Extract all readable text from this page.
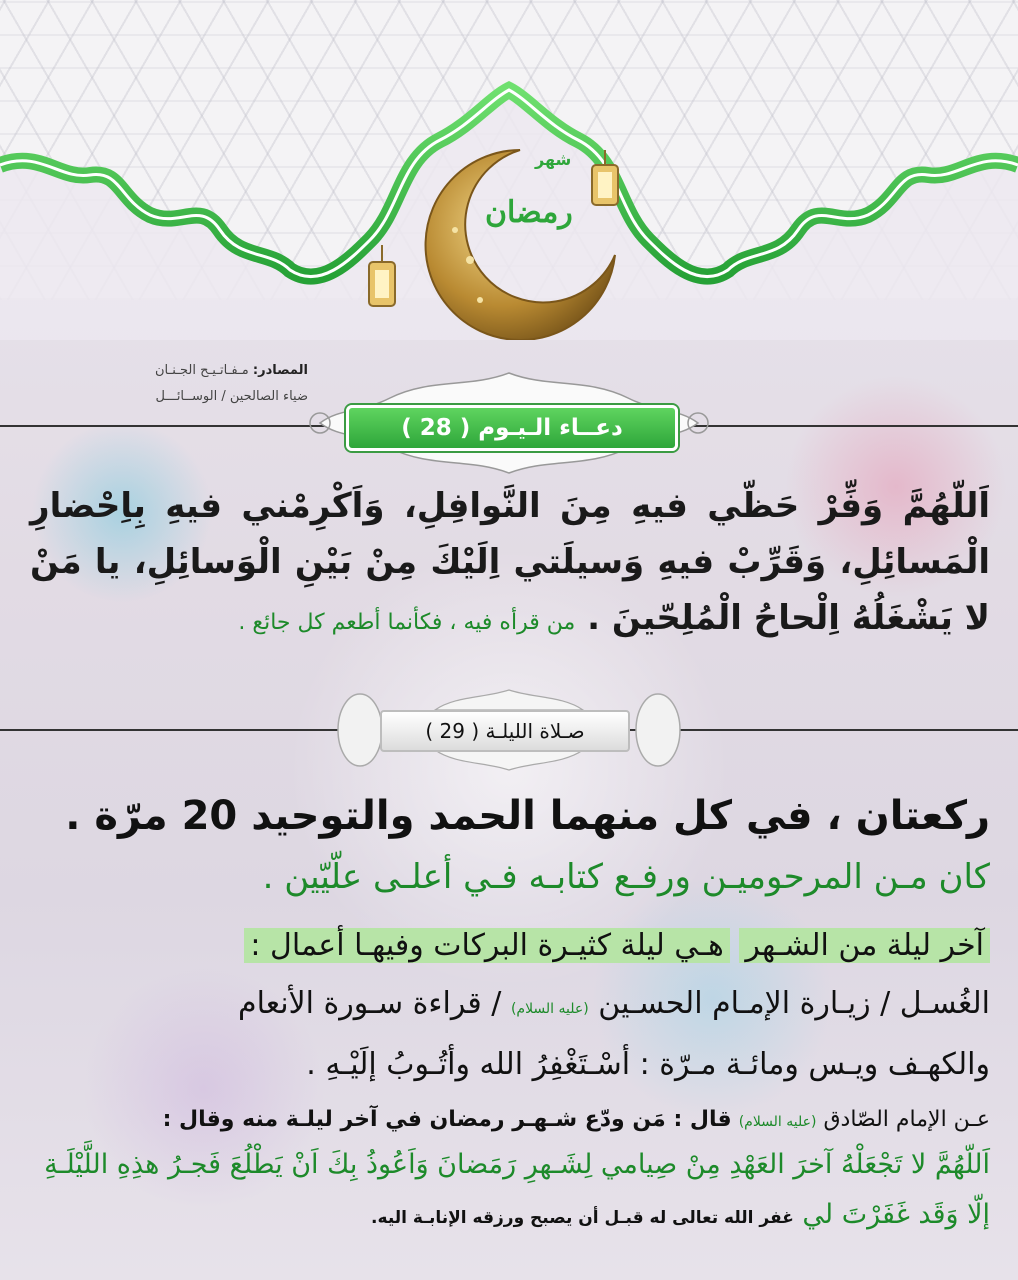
شهر
رمضان
المصادر: مـفـاتـيـح الجـنـان
ضياء الصالحين / الوســائـــل
دعــاء الـيـوم ( 28 )
اَللّهُمَّ وَفِّرْ حَظّي فيهِ مِنَ النَّوافِلِ، وَاَكْرِمْني فيهِ بِاِحْضارِ الْمَسائِلِ، وَقَرِّبْ فيهِ وَسيلَتي اِلَيْكَ مِنْ بَيْنِ الْوَسائِلِ، يا مَنْ لا يَشْغَلُهُ اِلْحاحُ الْمُلِحّينَ . من قرأه فيه ، فكأنما أطعم كل جائع .
صـلاة الليلـة ( 29 )
ركعتان ، في كل منهما الحمد والتوحيد 20 مرّة .
كان مـن المرحوميـن ورفـع كتابـه فـي أعلـى علّيّين .
آخر ليلة من الشـهر هـي ليلة كثيـرة البركات وفيهـا أعمال :
الغُسـل / زيـارة الإمـام الحسـين (عليه السلام) / قراءة سـورة الأنعام
والكهـف ويـس ومائـة مـرّة : أسْـتَغْفِرُ الله وأتُـوبُ إلَيْـهِ .
عـن الإمام الصّادق (عليه السلام) قال : مَن ودّع شـهـر رمضان في آخر ليلـة منه وقال :
اَللّهُمَّ لا تَجْعَلْهُ آخرَ العَهْدِ مِنْ صِيامي لِشَـهرِ رَمَضانَ وَاَعُوذُ بِكَ اَنْ يَطْلُعَ فَجـرُ هذِهِ اللَّيْلَـةِ إلّا وَقَد غَفَرْتَ لي غفر الله تعالى له قبـل أن يصبح ورزقه الإنابـة اليه.
